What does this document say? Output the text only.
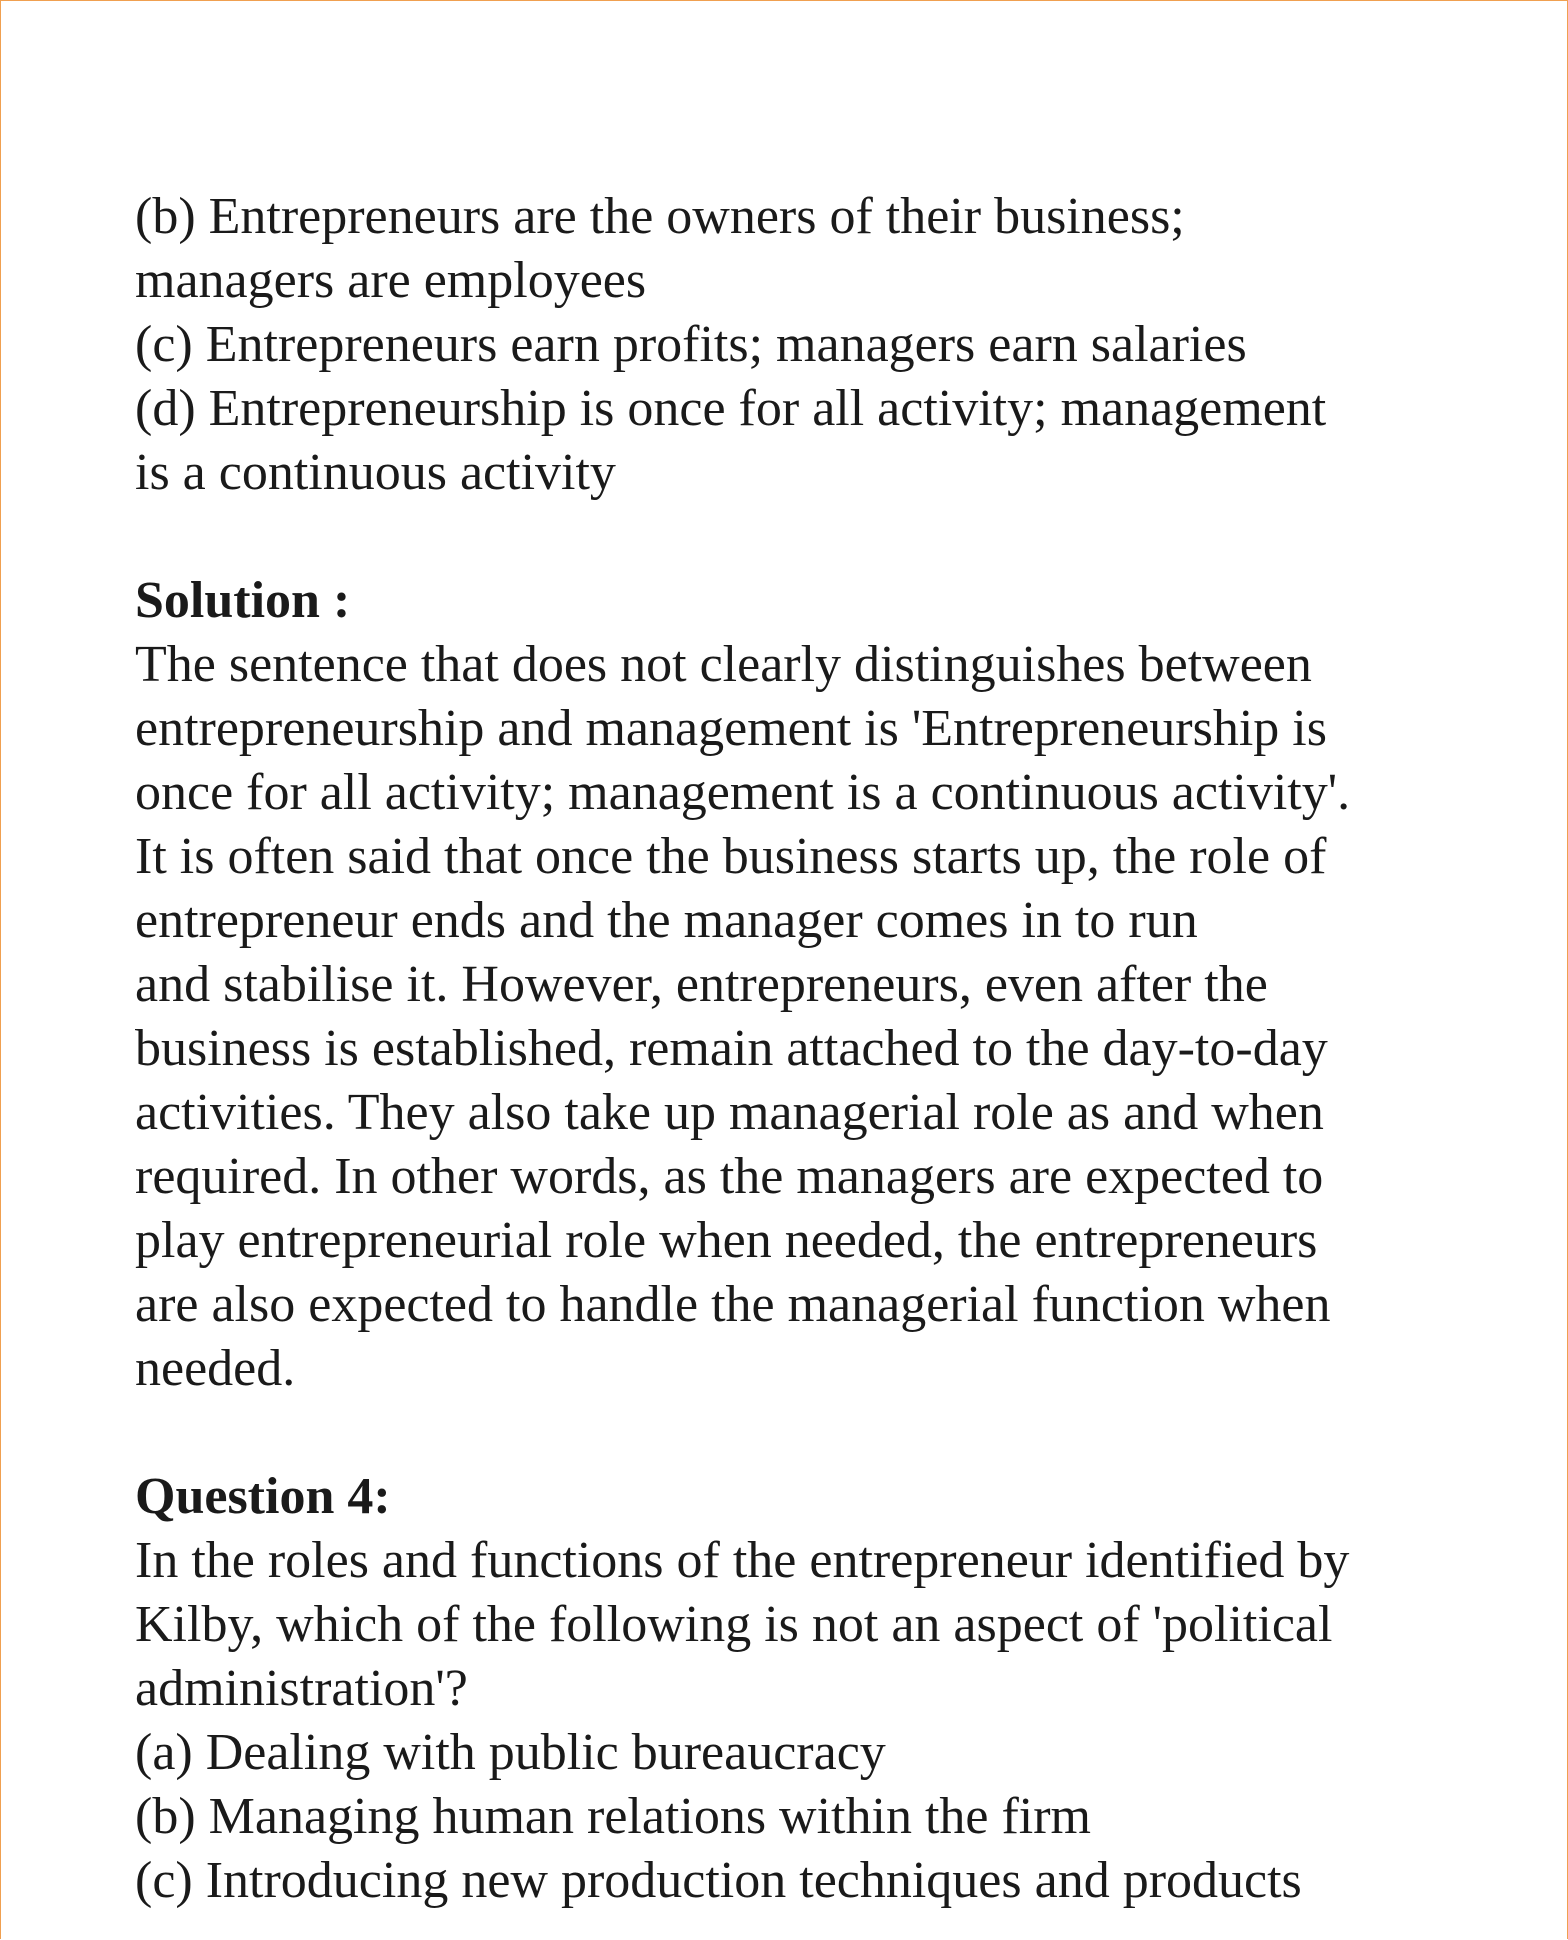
(b) Entrepreneurs are the owners of their business;
managers are employees
(c) Entrepreneurs earn profits; managers earn salaries
(d) Entrepreneurship is once for all activity; management
is a continuous activity
Solution :
The sentence that does not clearly distinguishes between
entrepreneurship and management is 'Entrepreneurship is
once for all activity; management is a continuous activity'.
It is often said that once the business starts up, the role of
entrepreneur ends and the manager comes in to run
and stabilise it. However, entrepreneurs, even after the
business is established, remain attached to the day-to-day
activities. They also take up managerial role as and when
required. In other words, as the managers are expected to
play entrepreneurial role when needed, the entrepreneurs
are also expected to handle the managerial function when
needed.
Question 4:
In the roles and functions of the entrepreneur identified by
Kilby, which of the following is not an aspect of 'political
administration'?
(a) Dealing with public bureaucracy
(b) Managing human relations within the firm
(c) Introducing new production techniques and products
